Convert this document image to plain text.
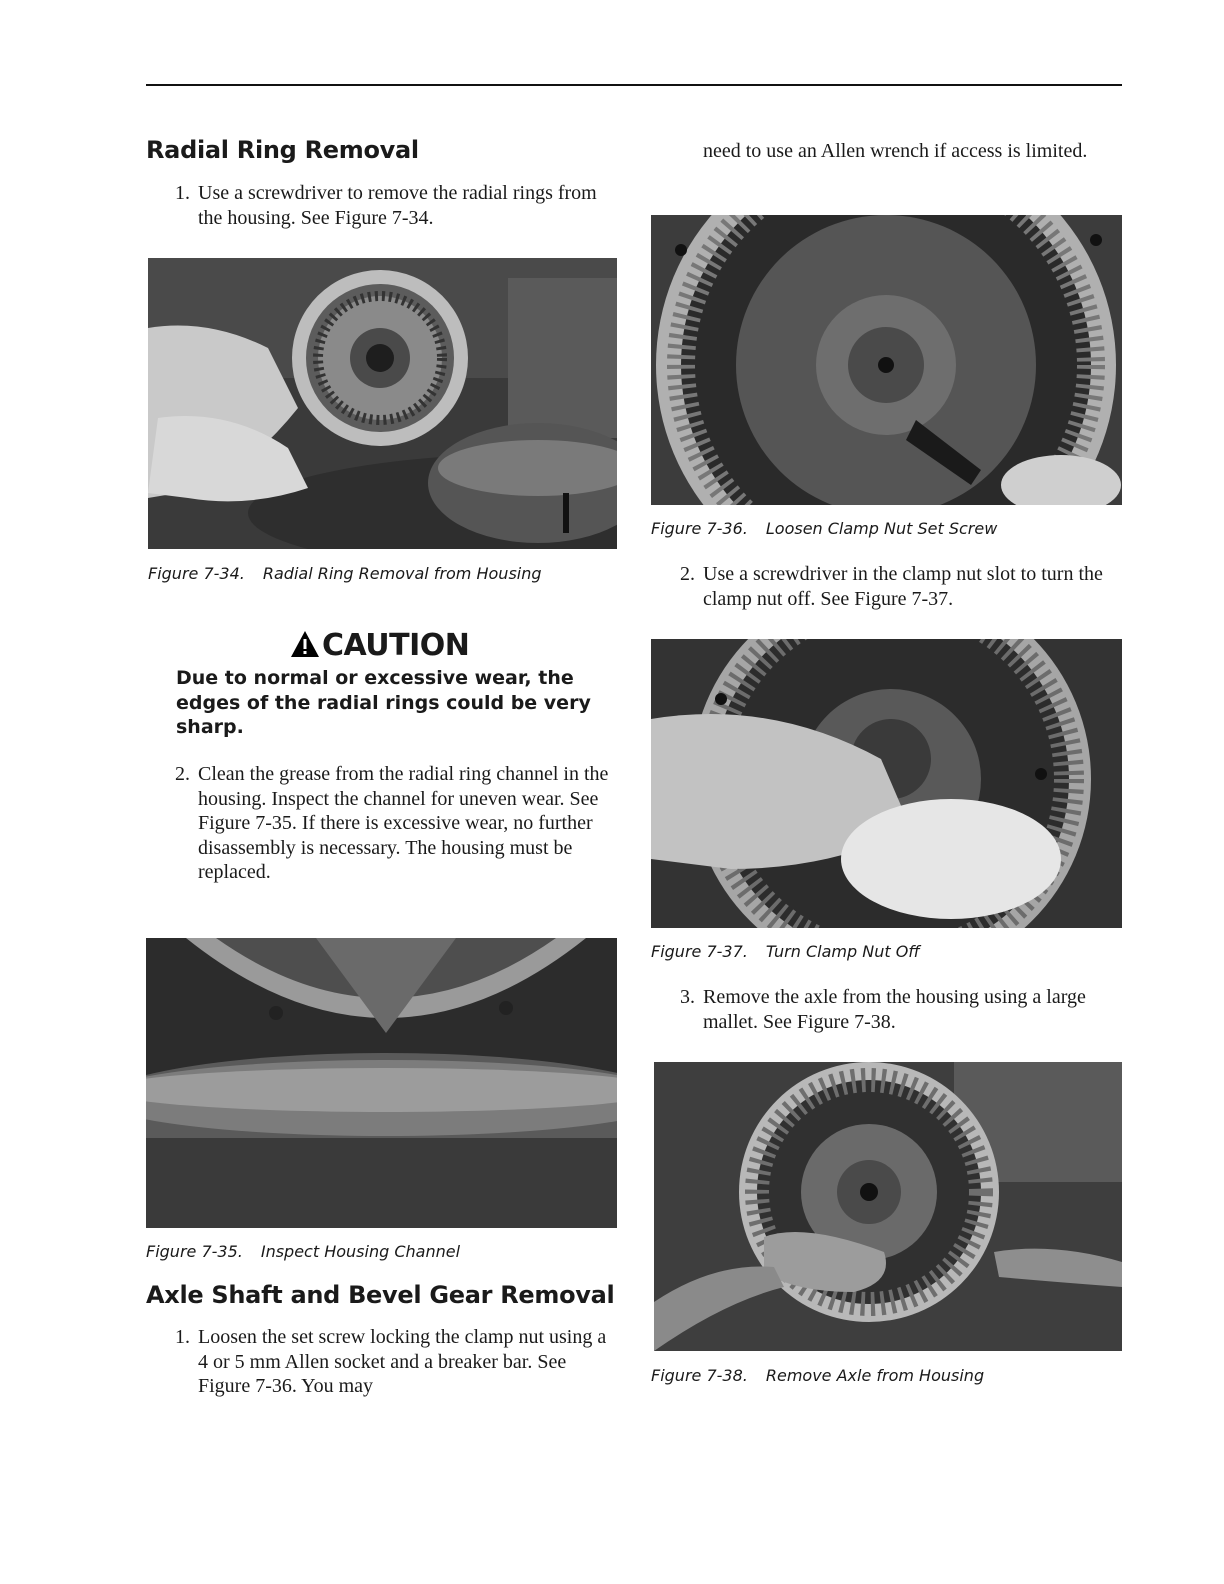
Radial Ring Removal
1. Use a screwdriver to remove the radial rings from the housing. See Figure 7-34.
Figure 7-34. Radial Ring Removal from Housing
CAUTION
Due to normal or excessive wear, the edges of the radial rings could be very sharp.
2. Clean the grease from the radial ring channel in the housing. Inspect the channel for uneven wear. See Figure 7-35. If there is excessive wear, no further disassembly is necessary. The housing must be replaced.
Figure 7-35. Inspect Housing Channel
Axle Shaft and Bevel Gear Removal
1. Loosen the set screw locking the clamp nut using a 4 or 5 mm Allen socket and a breaker bar. See Figure 7-36. You may
need to use an Allen wrench if access is limited.
Figure 7-36. Loosen Clamp Nut Set Screw
2. Use a screwdriver in the clamp nut slot to turn the clamp nut off. See Figure 7-37.
Figure 7-37. Turn Clamp Nut Off
3. Remove the axle from the housing using a large mallet. See Figure 7-38.
Figure 7-38. Remove Axle from Housing
